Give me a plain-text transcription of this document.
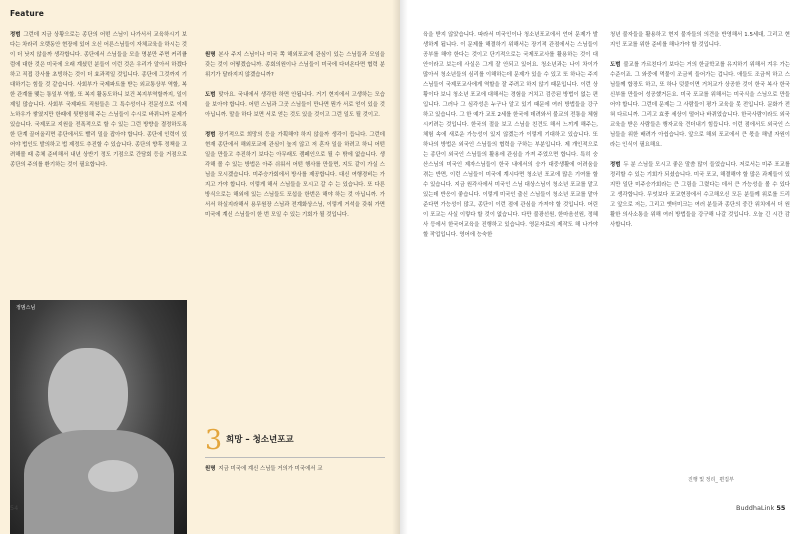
Feature

정범 그런데 지금 상황으로는 종단의 어떤 스님이 나가서서 교육하시기 보다는 차라리 오랫동안 현장에 있어 오신 어른스님들이 자체교육을 하시는 것이 더 낫지 않을까 생각합니다. 종단에서 스님들을 모을 명분만 주면 커리큘럼에 대한 것은 미국에 오래 계셨던 분들이 이런 것은 우리가 알아서 하겠다 하고 직접 강사를 초빙하는 것이 더 효과적일 것입니다. 종단에 그것까지 기대하기는 힘들 것 같습니다. 사회부가 국제파트를 받는 외교통상부 역할, 복한 관계를 맺는 통일부 역할, 또 복지 활동도하니 보건 복지부역할까지, 일이 제일 많습니다. 사회부 국제파트 직원들은 그 특수성이나 전문성으로 이제 노하우가 쌓였지만 한때에 뒷받침해 주는 스님들이 수시로 바뀌니까 문제가 있습니다. 국제포교 지원을 전폭적으로 할 수 있는 그런 방향을 결정하도록 한 단계 끌어올리면 종단에서도 빨리 밀을 잡아야 합니다. 종단에 인력이 있어야 법인도 발의하고 법 제정도 추진할 수 있습니다. 종단의 향후 정책을 고려해볼 때 총체 준비해서 내년 상반기 정도 기점으로 간담회 등을 거점으로 종단의 주의를 환기하는 것이 필요합니다.

정범스님

원명 본사 주지 스님이나 미국 쪽 해외포교에 관심이 있는 스님들과 모임을 갖는 것이 어떻겠습니까. 종회의원이나 스님들이 미국에 다녀온다면 협력 분위기가 달라지지 않겠습니까?

도범 맞아요. 국내에서 생각한 하면 안됩니다. 거기 현지에서 고생하는 모습을 보아야 합니다. 어떤 스님과 그곳 스님들이 만나면 뭔가 서로 얻이 있을 것 아닙니까. 말을 하다 보면 서로 얻는 것도 있을 것이고 그런 일도 될 것이고.

정범 장기적으로 희망의 등을 가획해야 하지 않을까 생각이 듭니다. 그런데 현재 종단에서 해외포교에 관심이 높지 않고 저 혼자 일을 하려고 하니 어떤 일을 만들고 추진하기 보다는 아무래도 캠페인으로 될 수 밖에 없습니다. 생각해 볼 수 있는 방법은 아주 쉬워서 어떤 행사를 만들면, 지도 같이 가실 스님을 모시겠습니다. 미주승가회에서 방사를 제공합니다. 대신 여행경비는 가지고 가야 합니다. 이렇게 해서 스님들을 모시고 갈 수 는 있습니다. 또 다른 방식으로는 해외에 있는 스님들도 포섭을 한번은 해야 하는 것 아닙니까. 가서서 하실지라해서 용무원장 스님과 전계화상스님, 이렇게 거석을 갖춰 가면 미국에 계신 스님들이 한 번 모일 수 있는 기회가 될 것입니다.

3 희망 – 청소년포교

원명 지금 미국에 계신 스님들 거의가 미국에서 교

54

육을 받지 않았습니다. 따라서 미국인이나 청소년포교에서 언어 문제가 발생하게 됩니다. 이 문제를 해결하기 위해서는 장기적 관점에서는 스님들이 공부를 해야 한다는 것이고 단기적으로는 국제포교사를 활용하는 것이 대안이라고 보는데 사실은 그게 잘 안되고 있어요. 청소년과는 나이 차이가 많아서 청소년들의 심리를 이해하는데 문제가 있을 수 있고 또 하나는 주지스님들이 국제포교사에게 역할을 잘 주려고 하지 않기 때문입니다. 이런 상황이다 보니 청소년 포교에 대해서는 경험을 거치고 검증된 방법이 없는 편입니다. 그러나 그 심각성은 누구나 알고 있기 때문에 여러 방법들을 강구하고 있습니다. 그 한 예가 교포 2세를 한국에 데려와서 불교의 전통을 체험시키려는 것입니다. 한국의 절을 보고 스님을 친견도 해서 느끼게 해주는, 체험 속에 새로운 가능성이 있지 않겠는가 이렇게 기대하고 있습니다. 또 하나의 방법은 외국인 스님들의 협력을 구하는 부분입니다. 제 개인적으로는 종단이 외국인 스님들의 활용에 관심을 가져 주었으면 합니다. 특히 숭산스님의 미국인 제자스님들이 한국 내에서의 승가 대중생활에 어려움을 겪는 반면, 이런 스님들이 미국에 계시다면 청소년 포교에 많은 기여를 할 수 있습니다. 지금 원각사에서 미국인 스님 대상스님이 청소년 포교를 맡고 있는데 반응이 좋습니다. 이렇게 미국인 출신 스님들이 청소년 포교를 맡아준다면 가능성이 많고, 종단이 이런 점에 관심을 가져야 할 것입니다. 어린이 포교는 사실 이렇다 할 것이 없습니다. 다만 불광선원, 한마음선원, 정혜사 등에서 한국어교육을 진행하고 있습니다. 영문자료의 제작도 해 나가야 할 작업입니다. 영어에 능숙한

청년 불자들을 활용하고 현지 불자들의 의견을 반영해서 1.5세대, 그리고 현지인 포교를 위한 준비를 해나가야 할 것입니다.

도범 불교를 가르친다기 보다는 거의 한글학교를 유지하기 위해서 겨우 가는 수준이죠. 그 와중에 먹물이 조금씩 들어가는 겁니다. 애들도 조금씩 하고 스님들께 합장도 하고, 또 하나 덧붙이면 거처교가 상공한 것이 한국 복사 한국 신부를 만들어 성공했거든요. 미국 포교를 위해서는 미국식을 스님으로 만들어야 합니다. 그런데 문제는 그 사람들이 평가 교육을 못 전입니다. 문화가 전혀 다르니까. 그리고 효풍 세상이 떨어나 바뀌었습니다. 한국사람이라도 외국교육을 받은 사람들은 행자교육 견더내기 힘듭니다. 이런 점에서도 외국인 스님들을 위한 배려가 아쉽습니다. 앞으로 해외 포교에서 큰 몫을 해낼 자원이라는 인식이 필요해요.

정범 두 분 스님들 모시고 좋은 말씀 많이 들었습니다. 저로서는 미주 포교를 정리할 수 있는 기회가 되셨습니다. 미국 포교, 해결해야 할 많은 과제들이 있지만 일단 미주승가회라는 큰 그림을 그렸다는 데서 큰 가능성을 볼 수 있다고 생각합니다. 무엇보다 포교현장에서 수고해오신 모든 분들께 위로를 드리고 앞으로 저는, 그리고 옛터미크는 여러 분들과 종단의 중간 위치에서 더 원활한 의사소통을 위해 여러 방법들을 강구해 나갈 것입니다. 오늘 긴 시간 감사합니다.

진행 및 정리_ 편집부
BuddhaLink 55
